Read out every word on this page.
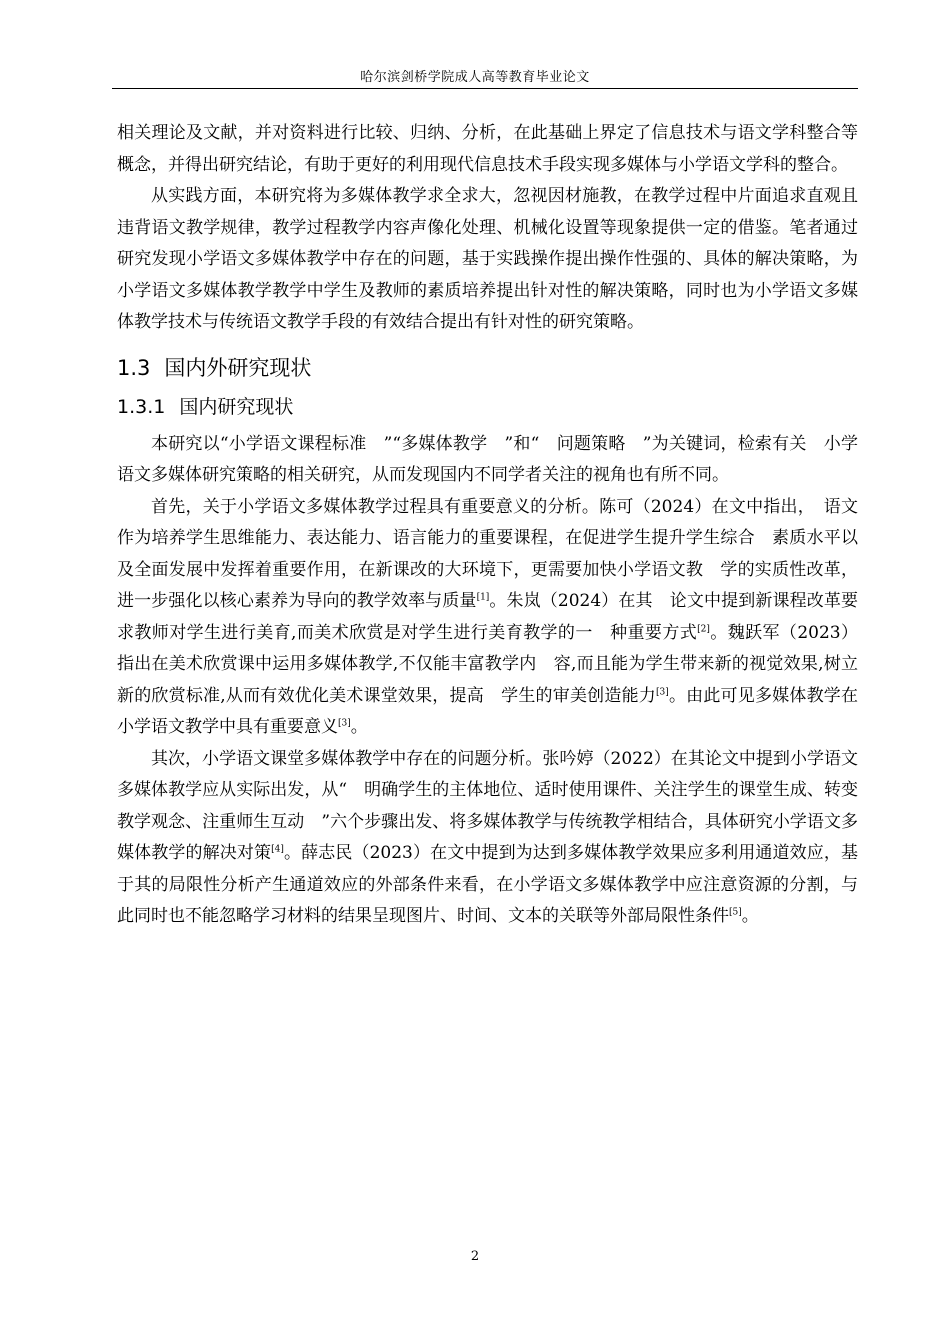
哈尔滨剑桥学院成人高等教育毕业论文

相关理论及文献，并对资料进行比较、归纳、分析，在此基础上界定了信息技术与语文学科整合等概念，并得出研究结论，有助于更好的利用现代信息技术手段实现多媒体与小学语文学科的整合。

从实践方面，本研究将为多媒体教学求全求大，忽视因材施教，在教学过程中片面追求直观且违背语文教学规律，教学过程教学内容声像化处理、机械化设置等现象提供一定的借鉴。笔者通过研究发现小学语文多媒体教学中存在的问题，基于实践操作提出操作性强的、具体的解决策略，为小学语文多媒体教学教学中学生及教师的素质培养提出针对性的解决策略，同时也为小学语文多媒体教学技术与传统语文教学手段的有效结合提出有针对性的研究策略。

1.3 国内外研究现状
1.3.1 国内研究现状

本研究以“小学语文课程标准　”“多媒体教学　”和“　问题策略　”为关键词，检索有关　小学语文多媒体研究策略的相关研究，从而发现国内不同学者关注的视角也有所不同。

首先，关于小学语文多媒体教学过程具有重要意义的分析。陈可（2024）在文中指出，　语文作为培养学生思维能力、表达能力、语言能力的重要课程，在促进学生提升学生综合　素质水平以及全面发展中发挥着重要作用，在新课改的大环境下，更需要加快小学语文教　学的实质性改革，进一步强化以核心素养为导向的教学效率与质量[1]。朱岚（2024）在其　论文中提到新课程改革要求教师对学生进行美育,而美术欣赏是对学生进行美育教学的一　种重要方式[2]。魏跃军（2023）指出在美术欣赏课中运用多媒体教学,不仅能丰富教学内　容,而且能为学生带来新的视觉效果,树立新的欣赏标准,从而有效优化美术课堂效果，提高　学生的审美创造能力[3]。由此可见多媒体教学在小学语文教学中具有重要意义[3]。

其次，小学语文课堂多媒体教学中存在的问题分析。张吟婷（2022）在其论文中提到小学语文多媒体教学应从实际出发，从“　明确学生的主体地位、适时使用课件、关注学生的课堂生成、转变教学观念、注重师生互动　”六个步骤出发、将多媒体教学与传统教学相结合，具体研究小学语文多媒体教学的解决对策[4]。薛志民（2023）在文中提到为达到多媒体教学效果应多利用通道效应，基于其的局限性分析产生通道效应的外部条件来看，在小学语文多媒体教学中应注意资源的分割，与此同时也不能忽略学习材料的结果呈现图片、时间、文本的关联等外部局限性条件[5]。

2
